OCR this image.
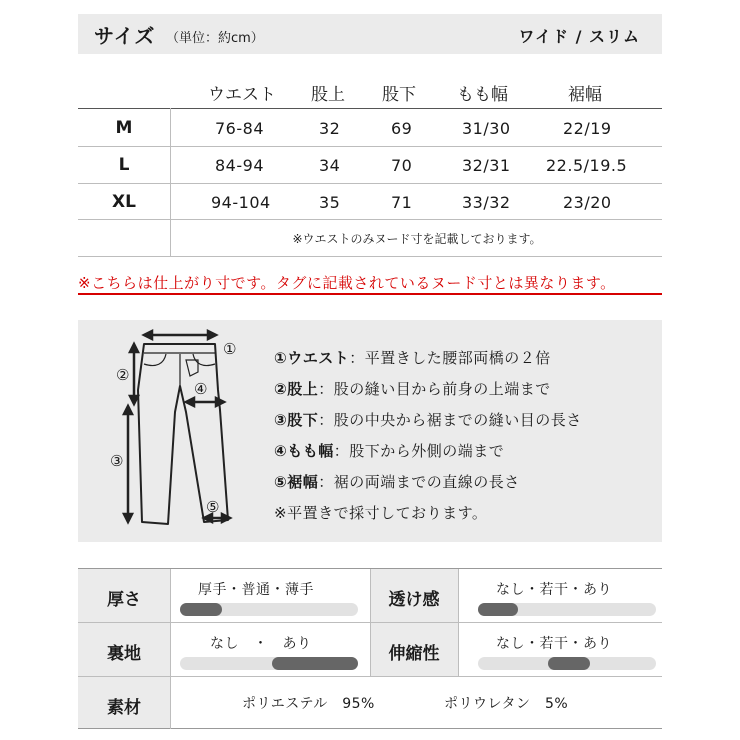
サイズ （単位：約cm）	ワイド / スリム
ウエスト 股上 股下 もも幅	裾幅
M	76-84	32	69	31/30	22/19
L	84-94	34	70	32/31 22.5/19.5
XL	94-104	35	71	33/32	23/20
※ウエストのみヌード寸を記載しております。
※こちらは仕上がり寸です。タグに記載されているヌード寸とは異なります。
①
②
③
④
⑤
①ウエスト：平置きした腰部両橋の２倍
②股上：股の縫い目から前身の上端まで
③股下：股の中央から裾までの縫い目の長さ
④もも幅：股下から外側の端まで
⑤裾幅：裾の両端までの直線の長さ
※平置きで採寸しております。
厚さ	厚手・普通・薄手	透け感	なし・若干・あり
裏地	なし　・　あり	伸縮性	なし・若干・あり
素材	ポリエステル　95%	ポリウレタン　5%
